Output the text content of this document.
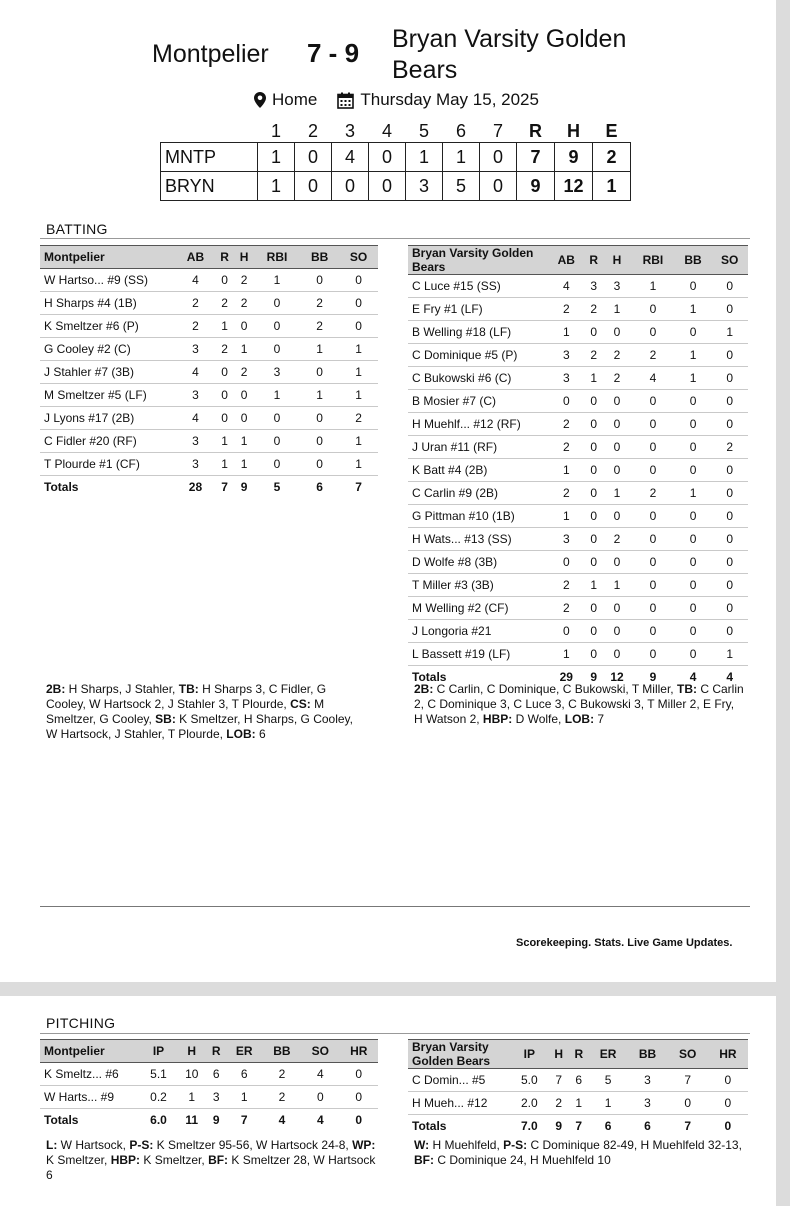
Montpelier 7 - 9 Bryan Varsity Golden Bears
Home	Thursday May 15, 2025
	1	2	3	4	5	6	7	R	H	E
MNTP	1	0	4	0	1	1	0	7	9	2
BRYN	1	0	0	0	3	5	0	9	12	1
BATTING
Montpelier	AB	R	H	RBI	BB	SO
W Hartso... #9 (SS)	4	0	2	1	0	0
H Sharps #4 (1B)	2	2	2	0	2	0
K Smeltzer #6 (P)	2	1	0	0	2	0
G Cooley #2 (C)	3	2	1	0	1	1
J Stahler #7 (3B)	4	0	2	3	0	1
M Smeltzer #5 (LF)	3	0	0	1	1	1
J Lyons #17 (2B)	4	0	0	0	0	2
C Fidler #20 (RF)	3	1	1	0	0	1
T Plourde #1 (CF)	3	1	1	0	0	1
Totals	28	7	9	5	6	7
Bryan Varsity Golden Bears	AB	R	H	RBI	BB	SO
C Luce #15 (SS)	4	3	3	1	0	0
E Fry #1 (LF)	2	2	1	0	1	0
B Welling #18 (LF)	1	0	0	0	0	1
C Dominique #5 (P)	3	2	2	2	1	0
C Bukowski #6 (C)	3	1	2	4	1	0
B Mosier #7 (C)	0	0	0	0	0	0
H Muehlf... #12 (RF)	2	0	0	0	0	0
J Uran #11 (RF)	2	0	0	0	0	2
K Batt #4 (2B)	1	0	0	0	0	0
C Carlin #9 (2B)	2	0	1	2	1	0
G Pittman #10 (1B)	1	0	0	0	0	0
H Wats... #13 (SS)	3	0	2	0	0	0
D Wolfe #8 (3B)	0	0	0	0	0	0
T Miller #3 (3B)	2	1	1	0	0	0
M Welling #2 (CF)	2	0	0	0	0	0
J Longoria #21	0	0	0	0	0	0
L Bassett #19 (LF)	1	0	0	0	0	1
Totals	29	9	12	9	4	4
2B: H Sharps, J Stahler, TB: H Sharps 3, C Fidler, G Cooley, W Hartsock 2, J Stahler 3, T Plourde, CS: M Smeltzer, G Cooley, SB: K Smeltzer, H Sharps, G Cooley, W Hartsock, J Stahler, T Plourde, LOB: 6
2B: C Carlin, C Dominique, C Bukowski, T Miller, TB: C Carlin 2, C Dominique 3, C Luce 3, C Bukowski 3, T Miller 2, E Fry, H Watson 2, HBP: D Wolfe, LOB: 7
Scorekeeping. Stats. Live Game Updates.
PITCHING
Montpelier	IP	H	R	ER	BB	SO	HR
K Smeltz... #6	5.1	10	6	6	2	4	0
W Harts... #9	0.2	1	3	1	2	0	0
Totals	6.0	11	9	7	4	4	0
Bryan Varsity Golden Bears	IP	H	R	ER	BB	SO	HR
C Domin... #5	5.0	7	6	5	3	7	0
H Mueh... #12	2.0	2	1	1	3	0	0
Totals	7.0	9	7	6	6	7	0
L: W Hartsock, P-S: K Smeltzer 95-56, W Hartsock 24-8, WP: K Smeltzer, HBP: K Smeltzer, BF: K Smeltzer 28, W Hartsock 6
W: H Muehlfeld, P-S: C Dominique 82-49, H Muehlfeld 32-13, BF: C Dominique 24, H Muehlfeld 10
